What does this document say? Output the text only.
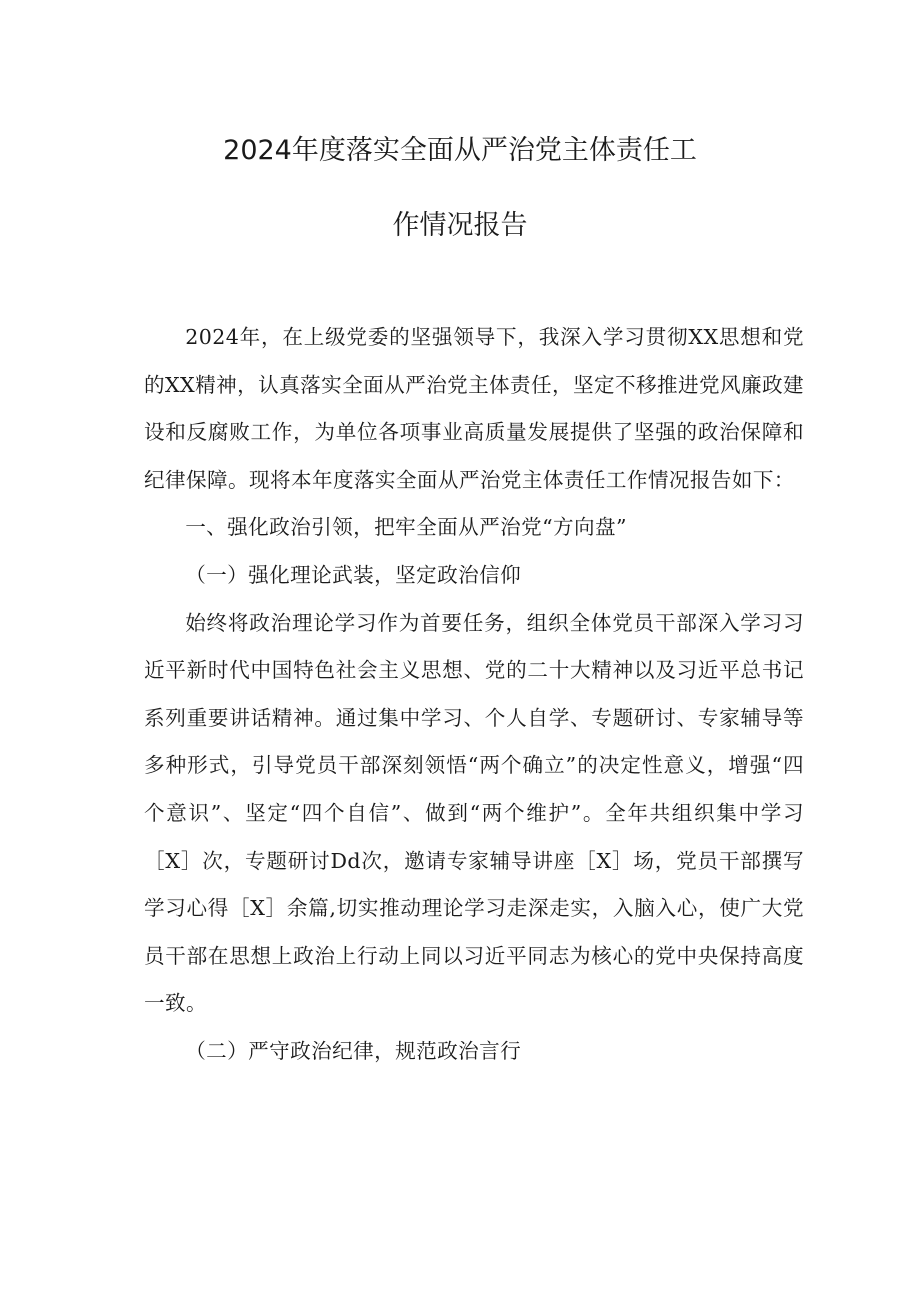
2024年度落实全面从严治党主体责任工
作情况报告

2024年，在上级党委的坚强领导下，我深入学习贯彻XX思想和党的XX精神，认真落实全面从严治党主体责任，坚定不移推进党风廉政建设和反腐败工作，为单位各项事业高质量发展提供了坚强的政治保障和纪律保障。现将本年度落实全面从严治党主体责任工作情况报告如下：

一、强化政治引领，把牢全面从严治党“方向盘”

（一）强化理论武装，坚定政治信仰

始终将政治理论学习作为首要任务，组织全体党员干部深入学习习近平新时代中国特色社会主义思想、党的二十大精神以及习近平总书记系列重要讲话精神。通过集中学习、个人自学、专题研讨、专家辅导等多种形式，引导党员干部深刻领悟“两个确立”的决定性意义，增强“四个意识”、坚定“四个自信”、做到“两个维护”。全年共组织集中学习［X］次，专题研讨Dd次，邀请专家辅导讲座［X］场，党员干部撰写学习心得［X］余篇,切实推动理论学习走深走实，入脑入心，使广大党员干部在思想上政治上行动上同以习近平同志为核心的党中央保持高度一致。

（二）严守政治纪律，规范政治言行
